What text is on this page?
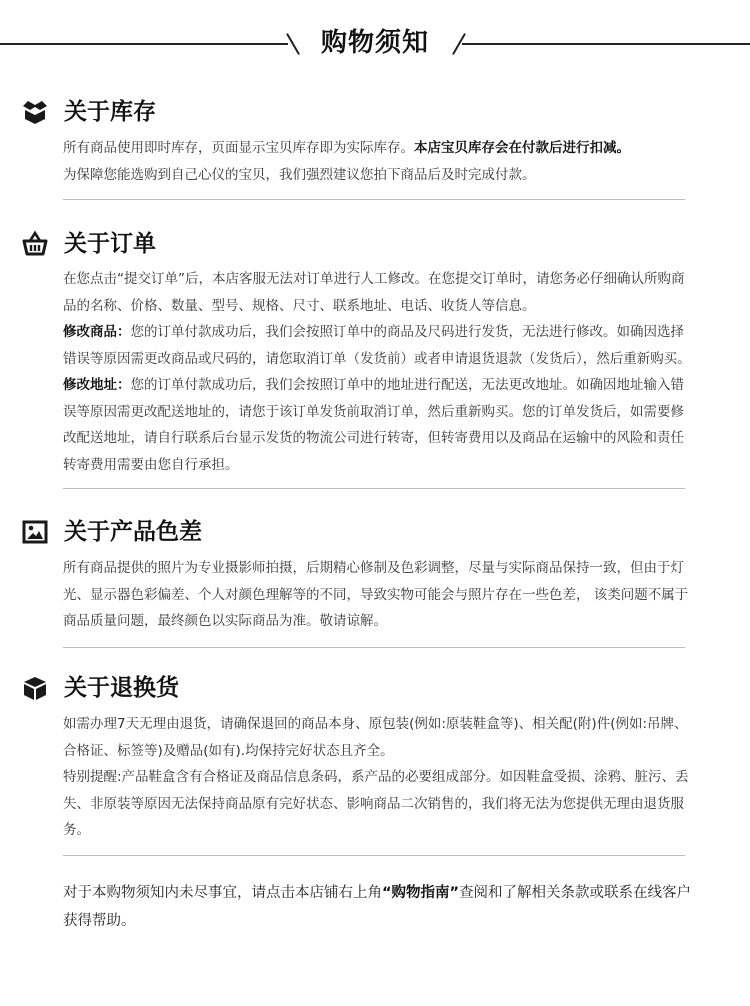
购物须知
关于库存

所有商品使用即时库存，页面显示宝贝库存即为实际库存。本店宝贝库存会在付款后进行扣减。

为保障您能选购到自己心仪的宝贝，我们强烈建议您拍下商品后及时完成付款。

关于订单

在您点击“提交订单”后，本店客服无法对订单进行人工修改。在您提交订单时，请您务必仔细确认所购商品的名称、价格、数量、型号、规格、尺寸、联系地址、电话、收货人等信息。

修改商品：您的订单付款成功后，我们会按照订单中的商品及尺码进行发货，无法进行修改。如确因选择错误等原因需更改商品或尺码的，请您取消订单（发货前）或者申请退货退款（发货后），然后重新购买。

修改地址：您的订单付款成功后，我们会按照订单中的地址进行配送，无法更改地址。如确因地址输入错误等原因需更改配送地址的，请您于该订单发货前取消订单，然后重新购买。您的订单发货后，如需要修改配送地址，请自行联系后台显示发货的物流公司进行转寄，但转寄费用以及商品在运输中的风险和责任转寄费用需要由您自行承担。

关于产品色差

所有商品提供的照片为专业摄影师拍摄，后期精心修制及色彩调整，尽量与实际商品保持一致，但由于灯光、显示器色彩偏差、个人对颜色理解等的不同，导致实物可能会与照片存在一些色差， 该类问题不属于商品质量问题，最终颜色以实际商品为准。敬请谅解。

关于退换货

如需办理7天无理由退货，请确保退回的商品本身、原包装(例如:原装鞋盒等)、相关配(附)件(例如:吊牌、合格证、标签等)及赠品(如有).均保持完好状态且齐全。

特别提醒:产品鞋盒含有合格证及商品信息条码，系产品的必要组成部分。如因鞋盒受损、涂鸦、脏污、丢失、非原装等原因无法保持商品原有完好状态、影响商品二次销售的，我们将无法为您提供无理由退货服务。

对于本购物须知内未尽事宜，请点击本店铺右上角“购物指南”查阅和了解相关条款或联系在线客户获得帮助。
